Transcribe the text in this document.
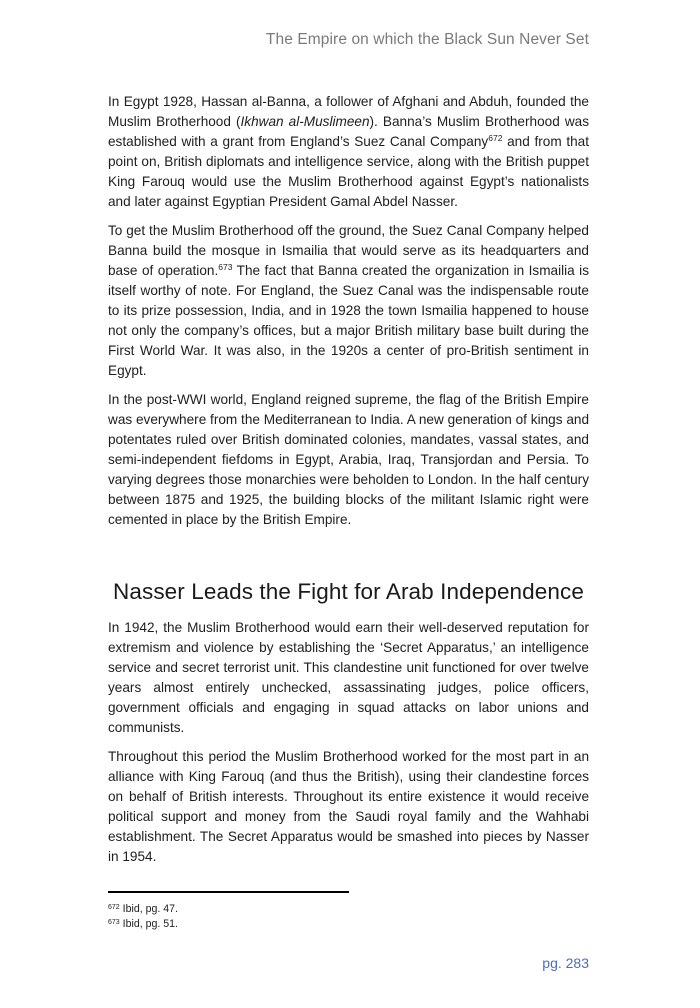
The Empire on which the Black Sun Never Set

In Egypt 1928, Hassan al-Banna, a follower of Afghani and Abduh, founded the Muslim Brotherhood (Ikhwan al-Muslimeen). Banna’s Muslim Brotherhood was established with a grant from England’s Suez Canal Company$^{672}$ and from that point on, British diplomats and intelligence service, along with the British puppet King Farouq would use the Muslim Brotherhood against Egypt’s nationalists and later against Egyptian President Gamal Abdel Nasser.

To get the Muslim Brotherhood off the ground, the Suez Canal Company helped Banna build the mosque in Ismailia that would serve as its headquarters and base of operation.$^{673}$ The fact that Banna created the organization in Ismailia is itself worthy of note. For England, the Suez Canal was the indispensable route to its prize possession, India, and in 1928 the town Ismailia happened to house not only the company’s offices, but a major British military base built during the First World War. It was also, in the 1920s a center of pro-British sentiment in Egypt.

In the post-WWI world, England reigned supreme, the flag of the British Empire was everywhere from the Mediterranean to India. A new generation of kings and potentates ruled over British dominated colonies, mandates, vassal states, and semi-independent fiefdoms in Egypt, Arabia, Iraq, Transjordan and Persia. To varying degrees those monarchies were beholden to London. In the half century between 1875 and 1925, the building blocks of the militant Islamic right were cemented in place by the British Empire.

Nasser Leads the Fight for Arab Independence

In 1942, the Muslim Brotherhood would earn their well-deserved reputation for extremism and violence by establishing the ‘Secret Apparatus,’ an intelligence service and secret terrorist unit. This clandestine unit functioned for over twelve years almost entirely unchecked, assassinating judges, police officers, government officials and engaging in squad attacks on labor unions and communists.

Throughout this period the Muslim Brotherhood worked for the most part in an alliance with King Farouq (and thus the British), using their clandestine forces on behalf of British interests. Throughout its entire existence it would receive political support and money from the Saudi royal family and the Wahhabi establishment. The Secret Apparatus would be smashed into pieces by Nasser in 1954.

$^{672}$ Ibid, pg. 47.
$^{673}$ Ibid, pg. 51.
pg. 283
